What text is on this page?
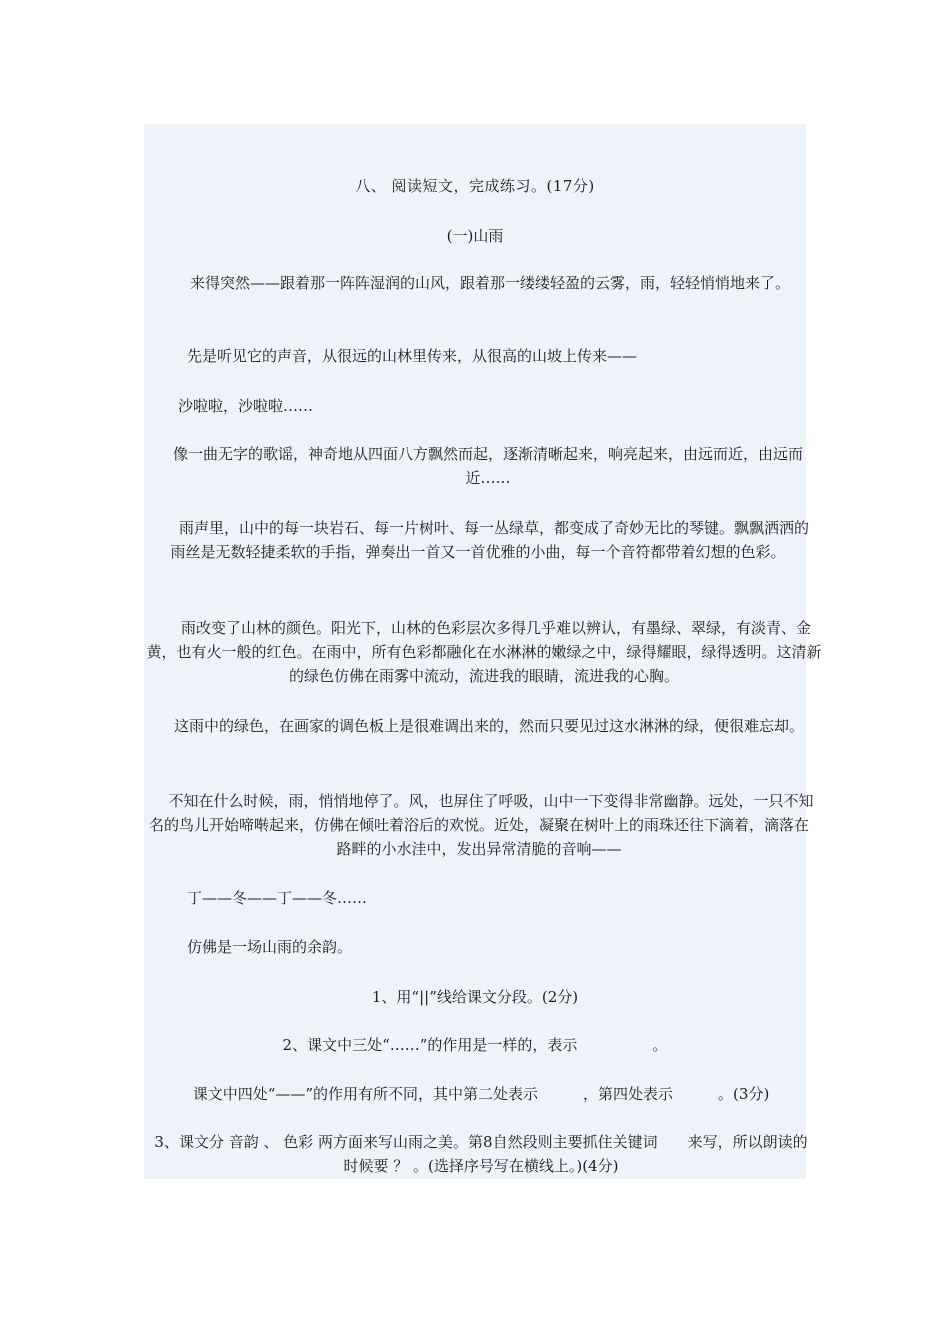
八、 阅读短文，完成练习。(17分)
(一)山雨
来得突然——跟着那一阵阵湿润的山风，跟着那一缕缕轻盈的云雾，雨，轻轻悄悄地来了。
先是听见它的声音，从很远的山林里传来，从很高的山坡上传来——
沙啦啦，沙啦啦……
像一曲无字的歌谣，神奇地从四面八方飘然而起，逐渐清晰起来，响亮起来，由远而近，由远而近……
雨声里，山中的每一块岩石、每一片树叶、每一丛绿草，都变成了奇妙无比的琴键。飘飘洒洒的雨丝是无数轻捷柔软的手指，弹奏出一首又一首优雅的小曲，每一个音符都带着幻想的色彩。
雨改变了山林的颜色。阳光下，山林的色彩层次多得几乎难以辨认，有墨绿、翠绿，有淡青、金黄，也有火一般的红色。在雨中，所有色彩都融化在水淋淋的嫩绿之中，绿得耀眼，绿得透明。这清新的绿色仿佛在雨雾中流动，流进我的眼睛，流进我的心胸。
这雨中的绿色，在画家的调色板上是很难调出来的，然而只要见过这水淋淋的绿，便很难忘却。
不知在什么时候，雨，悄悄地停了。风，也屏住了呼吸，山中一下变得非常幽静。远处，一只不知名的鸟儿开始啼啭起来，仿佛在倾吐着浴后的欢悦。近处，凝聚在树叶上的雨珠还往下滴着，滴落在路畔的小水洼中，发出异常清脆的音响——
丁——冬——丁——冬……
仿佛是一场山雨的余韵。
1、用“||”线给课文分段。(2分)
2、课文中三处“……”的作用是一样的，表示　　　　　。
课文中四处“——”的作用有所不同，其中第二处表示　　　，第四处表示　　　。(3分)
3、课文分 音韵 、 色彩 两方面来写山雨之美。第8自然段则主要抓住关键词　　来写，所以朗读的时候要 ？ 。(选择序号写在横线上。)(4分)
